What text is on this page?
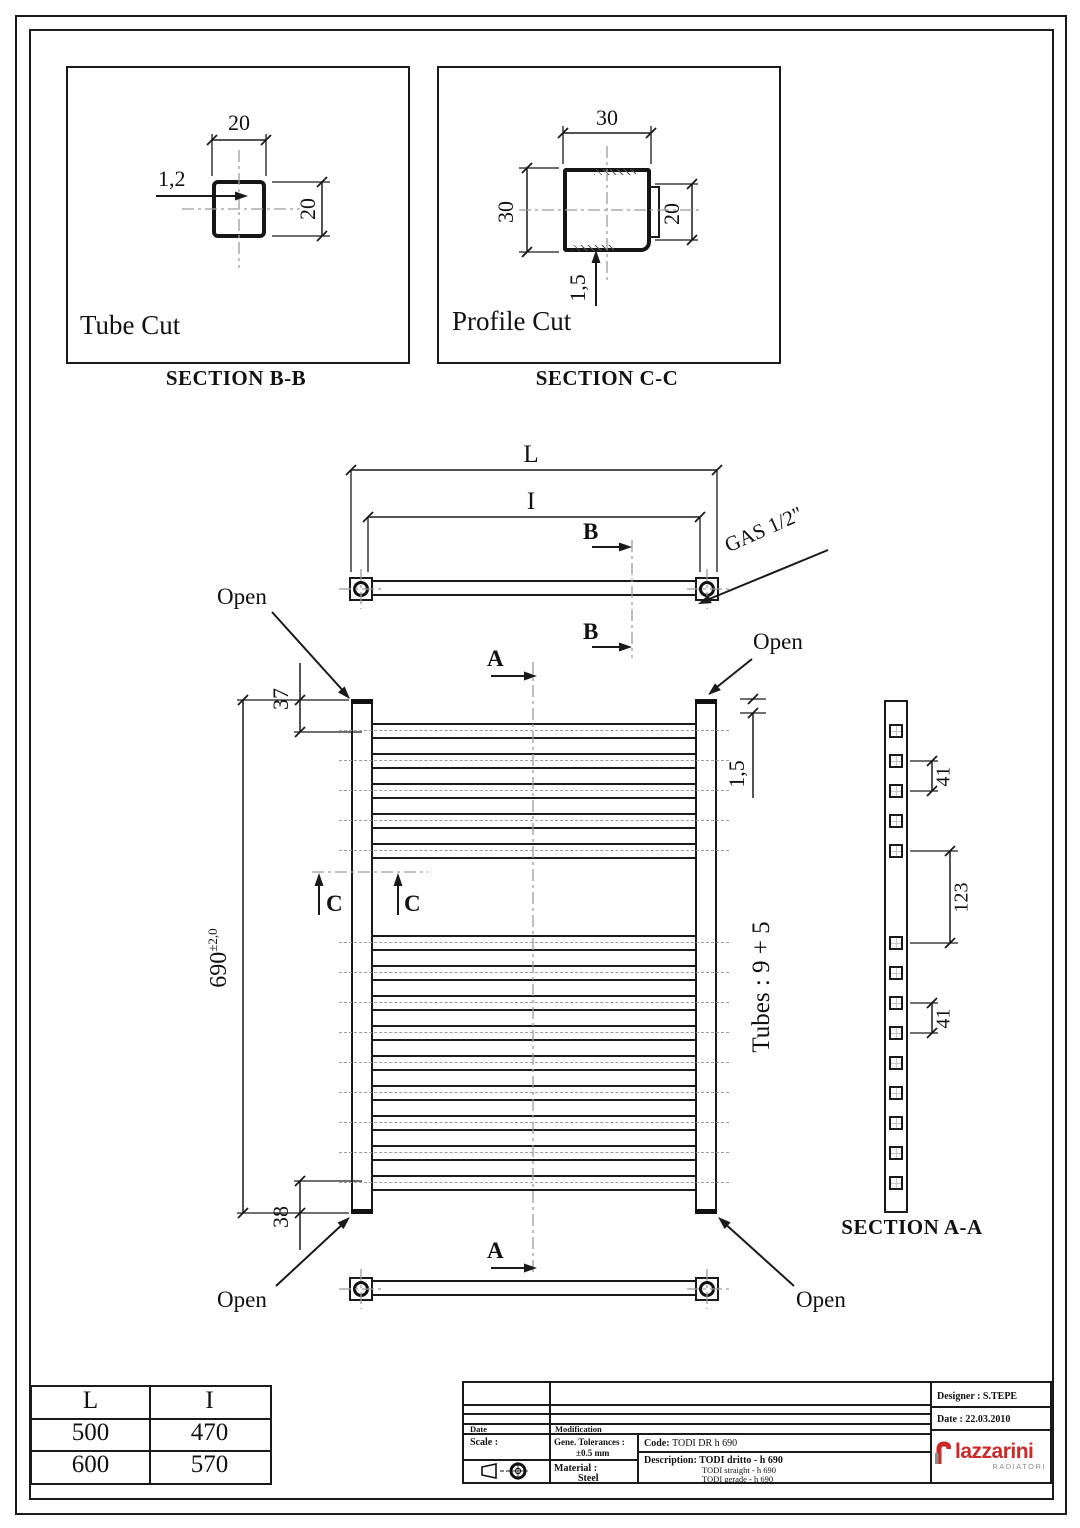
Tube Cut
SECTION B-B
20
20
1,2
Profile Cut
SECTION C-C
30
30	20
1,5
L
I
B
B
GAS 1/2"
Open
Open
Open	Open
A
A
C	C
37
38
$690^{\pm 2,0}$
1,5
Tubes : 9 + 5
SECTION A-A
41
123
41
L	I
500	470
600	570
Date	Modification
Scale :	Gene. Tolerances :
±0.5 mm
Material :
Steel
Code: TODI DR h 690
Description: TODI dritto - h 690
TODI straight - h 690
TODI gerade - h 690
Designer : S.TEPE
Date : 22.03.2010
lazzarini
RADIATORI
